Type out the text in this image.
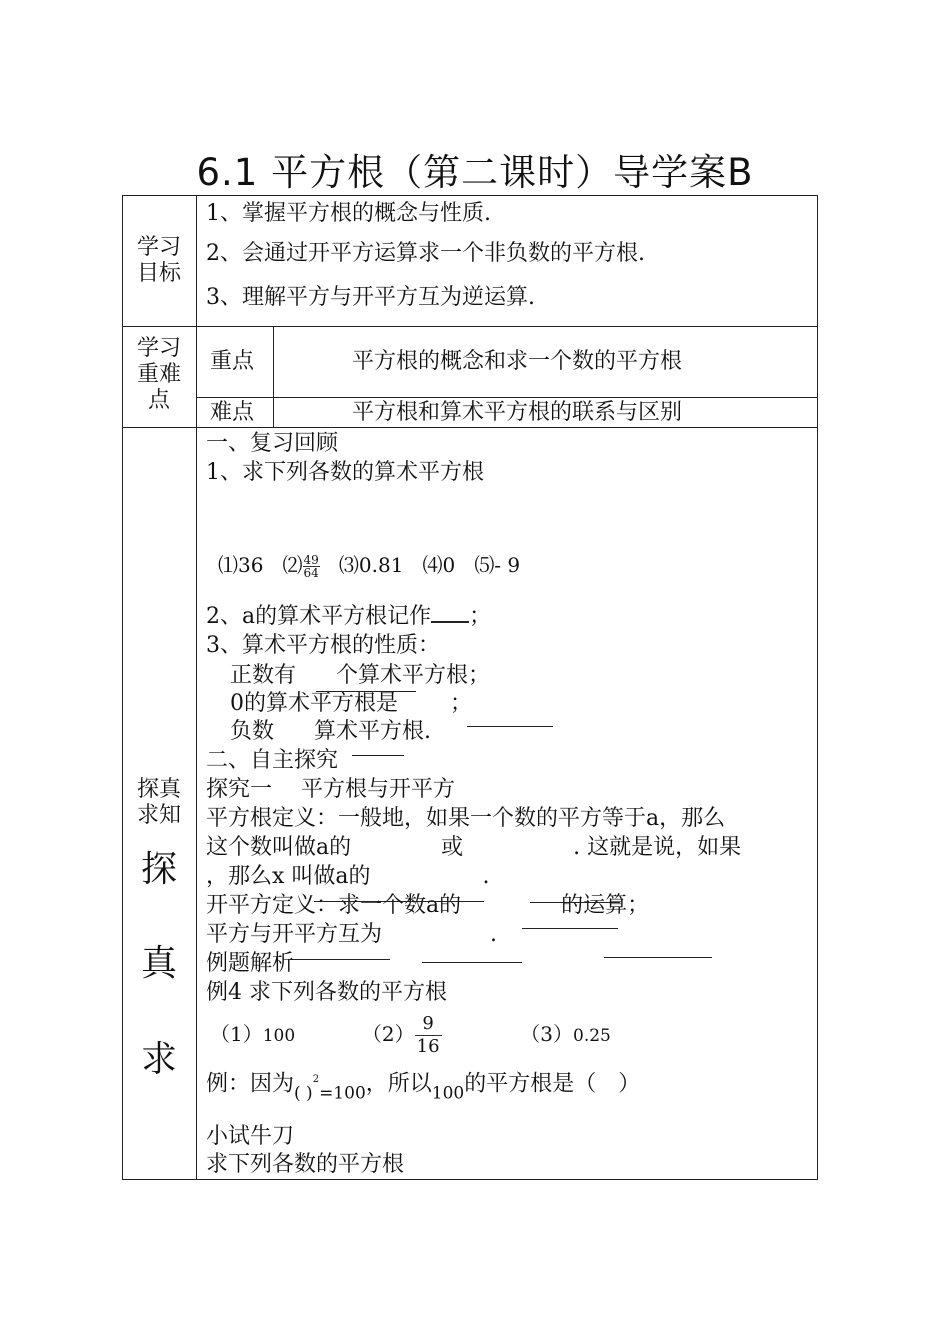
6.1 平方根（第二课时）导学案B
学习
目标
1、掌握平方根的概念与性质.
2、会通过开平方运算求一个非负数的平方根.
3、理解平方与开平方互为逆运算.
学习
重难
点
重点	平方根的概念和求一个数的平方根
难点	平方根和算术平方根的联系与区别
探真
求知
探
真
求
一、复习回顾
1、求下列各数的算术平方根
⑴36 ⑵ $\frac{49}{64}$ ⑶0.81 ⑷0 ⑸- 9
2、a的算术平方根记作 ；
3、算术平方根的性质：
正数有 个算术平方根；
0的算术平方根是 ；
负数 算术平方根.
二、自主探究
探究一　 平方根与开平方
平方根定义：一般地，如果一个数的平方等于a，那么
这个数叫做a的	或	. 这就是说，如果
，那么x 叫做a的	.
开平方定义：求一个数a的	的运算；
平方与开平方互为	.
例题解析
例4 求下列各数的平方根
（1）100	$(2) \frac{9}{16}$	（3）0.25
例：因为$_{( )}^2_{=100}$，所以$_{100}$的平方根是（　）
小试牛刀
求下列各数的平方根
